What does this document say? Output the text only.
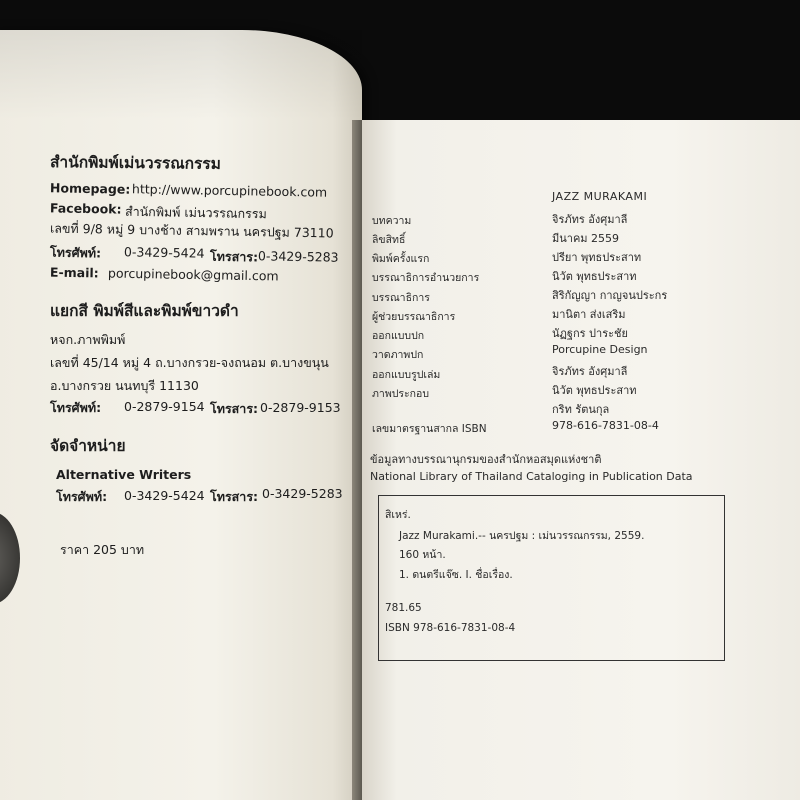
สำนักพิมพ์เม่นวรรณกรรม
Homepage: http://www.porcupinebook.com
Facebook: สำนักพิมพ์ เม่นวรรณกรรม
เลขที่ 9/8 หมู่ 9 บางช้าง สามพราน นครปฐม 73110
โทรศัพท์: 0-3429-5424 โทรสาร: 0-3429-5283
E-mail: porcupinebook@gmail.com
แยกสี พิมพ์สีและพิมพ์ขาวดำ
หจก.ภาพพิมพ์
เลขที่ 45/14 หมู่ 4 ถ.บางกรวย-จงถนอม ต.บางขนุน
อ.บางกรวย นนทบุรี 11130
โทรศัพท์: 0-2879-9154 โทรสาร: 0-2879-9153
จัดจำหน่าย
Alternative Writers
โทรศัพท์: 0-3429-5424 โทรสาร: 0-3429-5283
ราคา 205 บาท
JAZZ MURAKAMI
บทความ
ลิขสิทธิ์
พิมพ์ครั้งแรก
บรรณาธิการอำนวยการ
บรรณาธิการ
ผู้ช่วยบรรณาธิการ
ออกแบบปก
วาดภาพปก
ออกแบบรูปเล่ม
ภาพประกอบ
จิรภัทร อังศุมาลี
มีนาคม 2559
ปรียา พุทธประสาท
นิวัต พุทธประสาท
สิริกัญญา กาญจนประกร
มานิตา ส่งเสริม
นัฏฐกร ปาระชัย
Porcupine Design
จิรภัทร อังศุมาลี
นิวัต พุทธประสาท
กริท รัตนกุล
เลขมาตรฐานสากล ISBN	978-616-7831-08-4
ข้อมูลทางบรรณานุกรมของสำนักหอสมุดแห่งชาติ
National Library of Thailand Cataloging in Publication Data
สิเหร่.
Jazz Murakami.-- นครปฐม : เม่นวรรณกรรม, 2559.
160 หน้า.
1. ดนตรีแจ๊ซ. I. ชื่อเรื่อง.
781.65
ISBN 978-616-7831-08-4
